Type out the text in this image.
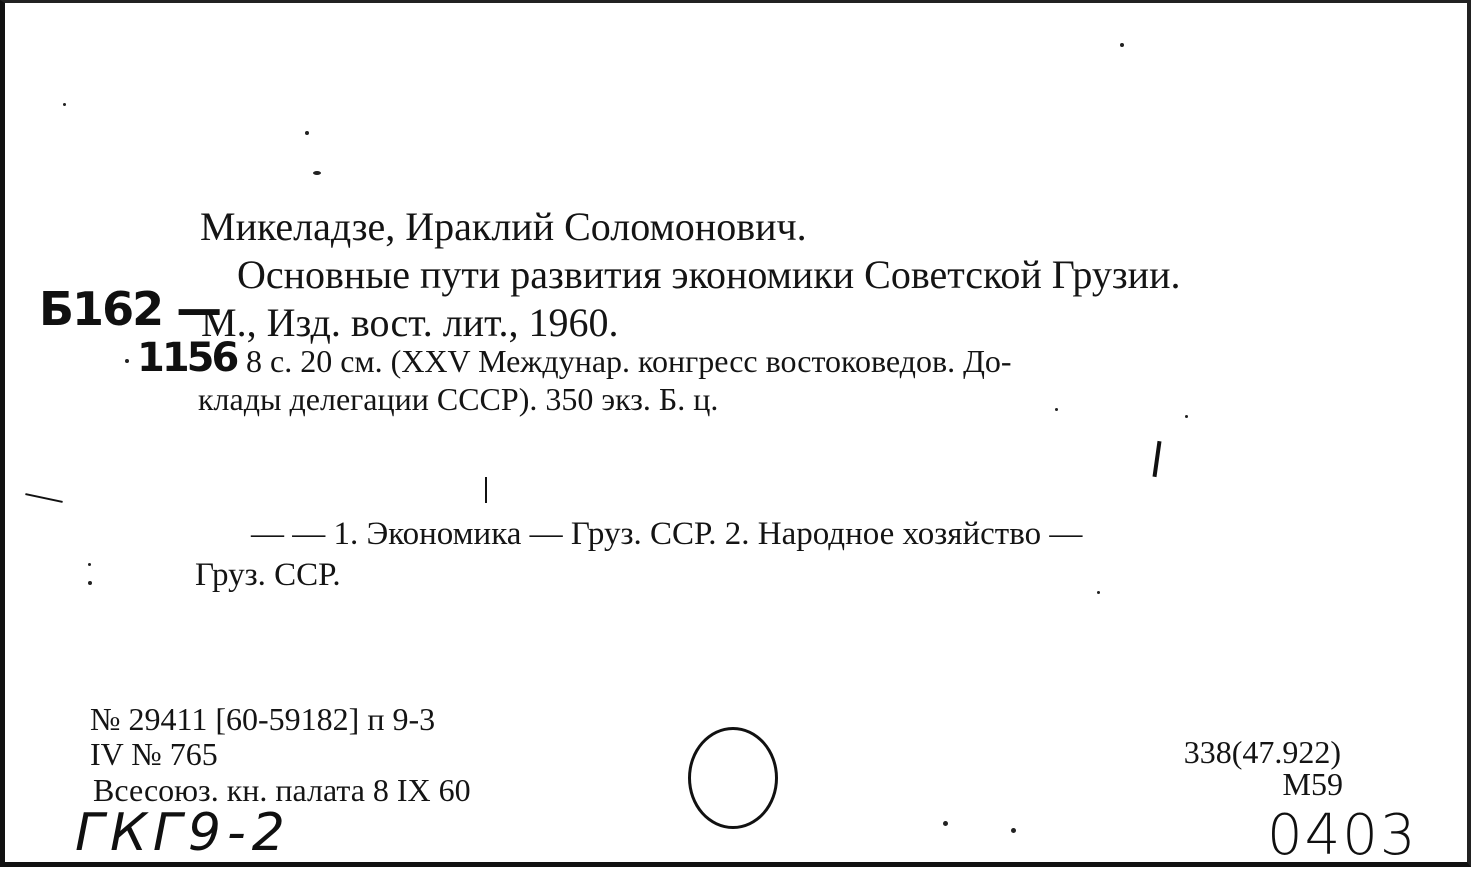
Микеладзе, Ираклий Соломонович.
Основные пути развития экономики Советской Грузии.
М., Изд. вост. лит., 1960.
8 с. 20 см. (XXV Междунар. конгресс востоковедов. До-
клады делегации СССР). 350 экз. Б. ц.
— — 1. Экономика — Груз. ССР. 2. Народное хозяйство —
Груз. ССР.
№ 29411 [60-59182] п 9-3
IV № 765
Всесоюз. кн. палата 8 IX 60
338(47.922)
М59
Б162 —
1156
ГКГ9-2	0403
